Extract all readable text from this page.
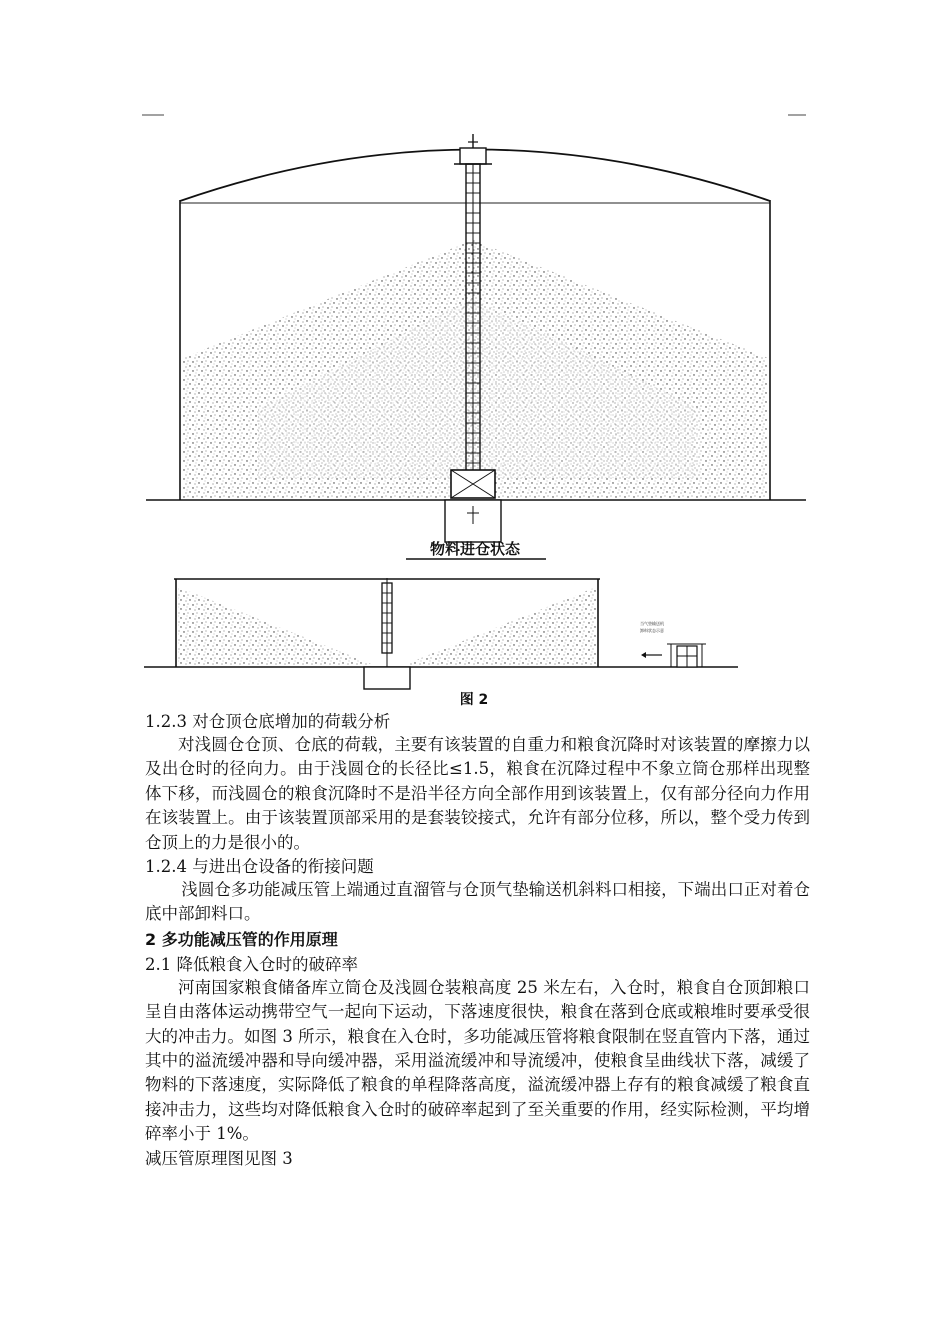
物料进仓状态
当气垫输送机
卸料状态示意
图 2
1.2.3 对仓顶仓底增加的荷载分析
对浅圆仓仓顶、仓底的荷载，主要有该装置的自重力和粮食沉降时对该装置的摩擦力以及出仓时的径向力。由于浅圆仓的长径比≤1.5，粮食在沉降过程中不象立筒仓那样出现整体下移，而浅圆仓的粮食沉降时不是沿半径方向全部作用到该装置上，仅有部分径向力作用在该装置上。由于该装置顶部采用的是套装铰接式，允许有部分位移，所以，整个受力传到仓顶上的力是很小的。
1.2.4 与进出仓设备的衔接问题
浅圆仓多功能减压管上端通过直溜管与仓顶气垫输送机斜料口相接，下端出口正对着仓底中部卸料口。
2 多功能减压管的作用原理
2.1 降低粮食入仓时的破碎率
河南国家粮食储备库立筒仓及浅圆仓装粮高度 25 米左右，入仓时，粮食自仓顶卸粮口呈自由落体运动携带空气一起向下运动，下落速度很快，粮食在落到仓底或粮堆时要承受很大的冲击力。如图 3 所示，粮食在入仓时，多功能减压管将粮食限制在竖直管内下落，通过其中的溢流缓冲器和导向缓冲器，采用溢流缓冲和导流缓冲，使粮食呈曲线状下落，减缓了物料的下落速度，实际降低了粮食的单程降落高度，溢流缓冲器上存有的粮食减缓了粮食直接冲击力，这些均对降低粮食入仓时的破碎率起到了至关重要的作用，经实际检测，平均增碎率小于 1%。
减压管原理图见图 3
